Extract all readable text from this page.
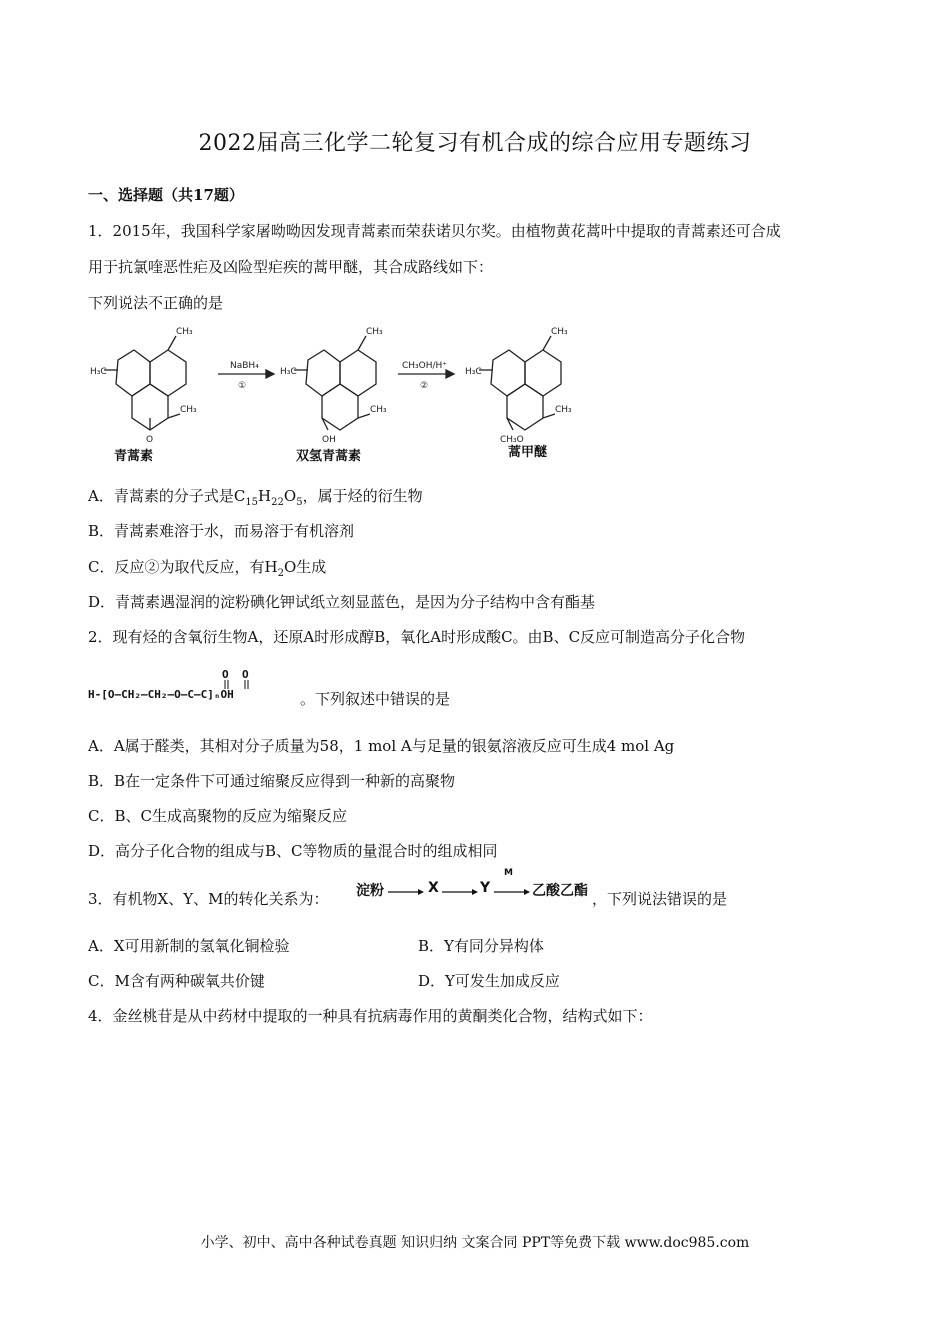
2022届高三化学二轮复习有机合成的综合应用专题练习
一、选择题（共17题）
1．2015年，我国科学家屠呦呦因发现青蒿素而荣获诺贝尔奖。由植物黄花蒿叶中提取的青蒿素还可合成
用于抗氯喹恶性疟及凶险型疟疾的蒿甲醚，其合成路线如下：
下列说法不正确的是
CH₃
H₃C
CH₃
O
NaBH₄
①
CH₃
H₃C
CH₃
OH
CH₃OH/H⁺
②
CH₃
H₃C
CH₃
CH₃O
青蒿素	双氢青蒿素	蒿甲醚
A．青蒿素的分子式是$C_{15}H_{22}O_5$，属于烃的衍生物
B．青蒿素难溶于水，而易溶于有机溶剂
C．反应②为取代反应，有$H_2O$生成
D．青蒿素遇湿润的淀粉碘化钾试纸立刻显蓝色，是因为分子结构中含有酯基
2．现有烃的含氧衍生物A，还原A时形成醇B，氧化A时形成酸C。由B、C反应可制造高分子化合物
O O
H-[O—CH₂—CH₂—O—C—C]ₙOH	。下列叙述中错误的是
A．A属于醛类，其相对分子质量为58，1 mol A与足量的银氨溶液反应可生成4 mol Ag
B．B在一定条件下可通过缩聚反应得到一种新的高聚物
C．B、C生成高聚物的反应为缩聚反应
D．高分子化合物的组成与B、C等物质的量混合时的组成相同
3．有机物X、Y、M的转化关系为： 淀粉	X	Y
M
乙酸乙酯 ，下列说法错误的是
A．X可用新制的氢氧化铜检验	B．Y有同分异构体
C．M含有两种碳氧共价键	D．Y可发生加成反应
4．金丝桃苷是从中药材中提取的一种具有抗病毒作用的黄酮类化合物，结构式如下：
小学、初中、高中各种试卷真题 知识归纳 文案合同 PPT等免费下载 www.doc985.com
